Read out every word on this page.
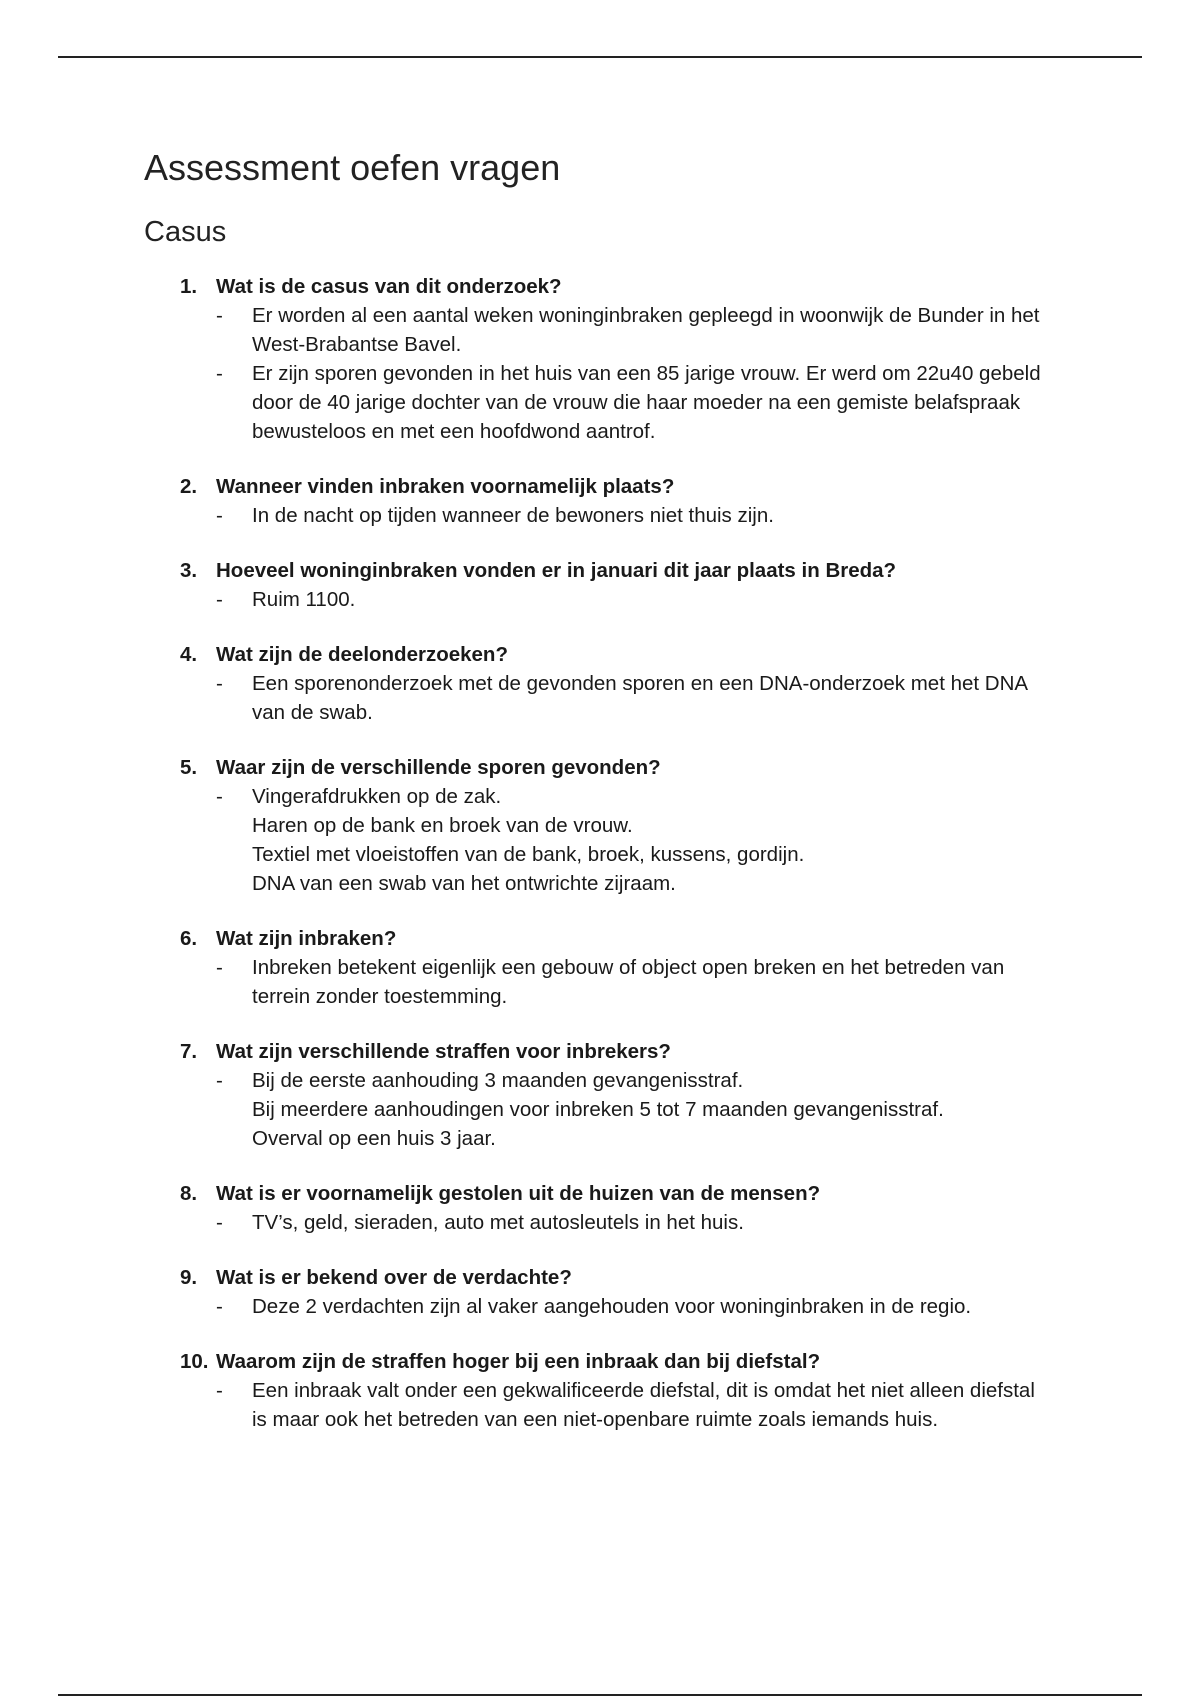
Assessment oefen vragen
Casus
1. Wat is de casus van dit onderzoek?
-	Er worden al een aantal weken woninginbraken gepleegd in woonwijk de Bunder in het West-Brabantse Bavel.
-	Er zijn sporen gevonden in het huis van een 85 jarige vrouw. Er werd om 22u40 gebeld door de 40 jarige dochter van de vrouw die haar moeder na een gemiste belafspraak bewusteloos en met een hoofdwond aantrof.
2. Wanneer vinden inbraken voornamelijk plaats?
-	In de nacht op tijden wanneer de bewoners niet thuis zijn.
3. Hoeveel woninginbraken vonden er in januari dit jaar plaats in Breda?
-	Ruim 1100.
4. Wat zijn de deelonderzoeken?
-	Een sporenonderzoek met de gevonden sporen en een DNA-onderzoek met het DNA van de swab.
5. Waar zijn de verschillende sporen gevonden?
-	Vingerafdrukken op de zak.
Haren op de bank en broek van de vrouw.
Textiel met vloeistoffen van de bank, broek, kussens, gordijn.
DNA van een swab van het ontwrichte zijraam.
6. Wat zijn inbraken?
-	Inbreken betekent eigenlijk een gebouw of object open breken en het betreden van terrein zonder toestemming.
7. Wat zijn verschillende straffen voor inbrekers?
-	Bij de eerste aanhouding 3 maanden gevangenisstraf.
Bij meerdere aanhoudingen voor inbreken 5 tot 7 maanden gevangenisstraf.
Overval op een huis 3 jaar.
8. Wat is er voornamelijk gestolen uit de huizen van de mensen?
-	TV’s, geld, sieraden, auto met autosleutels in het huis.
9. Wat is er bekend over de verdachte?
-	Deze 2 verdachten zijn al vaker aangehouden voor woninginbraken in de regio.
10. Waarom zijn de straffen hoger bij een inbraak dan bij diefstal?
-	Een inbraak valt onder een gekwalificeerde diefstal, dit is omdat het niet alleen diefstal is maar ook het betreden van een niet-openbare ruimte zoals iemands huis.
